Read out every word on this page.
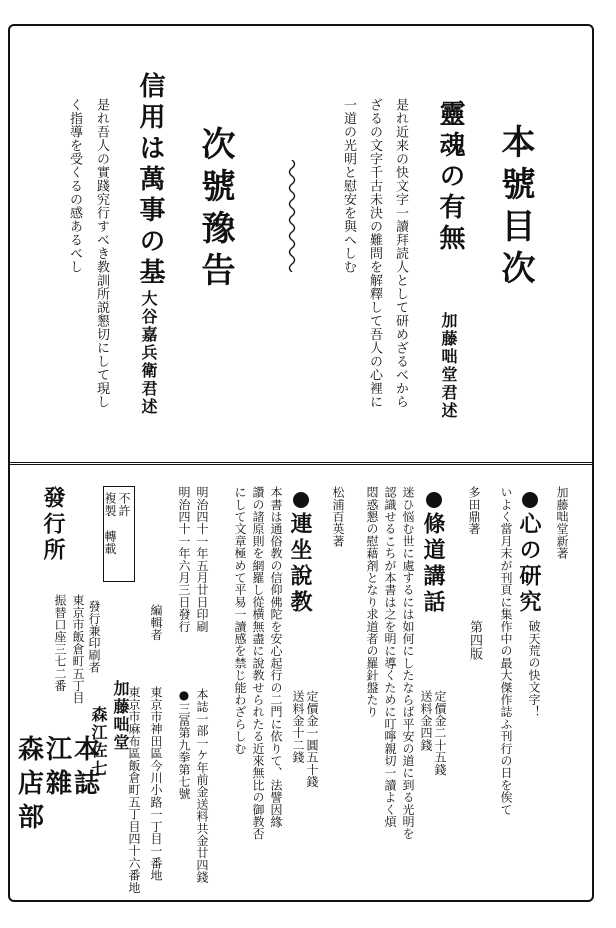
本號目次
靈魂の有無
加藤咄堂君述
是れ近来の快文字一讀拜読人として研めざるべから
ざるの文字千古未決の難問を解釋して吾人の心裡に
一道の光明と慰安を與へしむ
次號豫告
信用は萬事の基
大谷嘉兵衛君述
是れ吾人の實踐究行すべき教訓所説懇切にして現し
く指導を受くるの感あるべし
加藤咄堂新著
心の研究
破天荒の快文字！
いよく當月末が刊頁に集作中の最大傑作誌ふ刊行の日を俟て
多田鼎著
第四版
條道講話
定價金二十五錢
送料金四錢
迷ひ悩む世に處するには如何にしたならば平安の道に到る光明を
認識せるこちが本書は之を明に導くために叮嚀親切一讀よく煩
悶惑懇の慰藉剤となり求道者の羅針盤たり
松浦百英著
連坐說教
定價金一圓五十錢
送料金十二錢
本書は通俗教の信仰佛陀を安心起行の二門に依りて、法譬因緣
讚の諸原則を網羅し從横無盡に說教せられたる近來無比の御教否
にして文章極めて平易一讀感を禁じ能わざらしむ
明治四十一年五月廿日印刷
明治四十一年六月三日發行
本誌一部一ケ年前金送料共金廿四錢
●三冨第九拳第七號
不許
複製
轉載
編輯者
東京市神田區今川小路一丁目一番地
加藤咄堂
發行兼印刷者
東京市麻布區飯倉町五丁目四十六番地
森江佐七
發行所
東京市飯倉町五丁目
振替口座三七二番
森江本店雜誌部
